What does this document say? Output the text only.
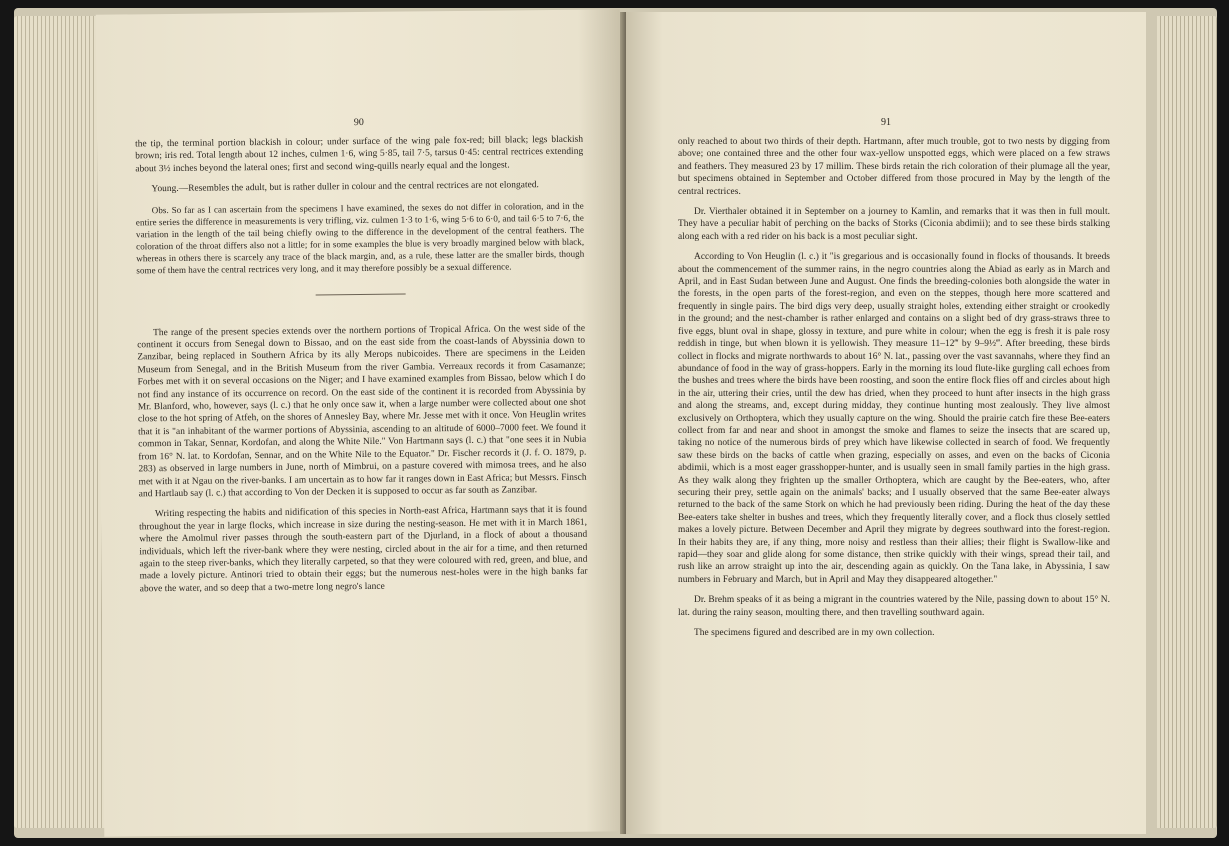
90

the tip, the terminal portion blackish in colour; under surface of the wing pale fox-red; bill black; legs blackish brown; iris red. Total length about 12 inches, culmen 1·6, wing 5·85, tail 7·5, tarsus 0·45: central rectrices extending about 3½ inches beyond the lateral ones; first and second wing-quills nearly equal and the longest.

Young.—Resembles the adult, but is rather duller in colour and the central rectrices are not elongated.

Obs. So far as I can ascertain from the specimens I have examined, the sexes do not differ in coloration, and in the entire series the difference in measurements is very trifling, viz. culmen 1·3 to 1·6, wing 5·6 to 6·0, and tail 6·5 to 7·6, the variation in the length of the tail being chiefly owing to the difference in the development of the central feathers. The coloration of the throat differs also not a little; for in some examples the blue is very broadly margined below with black, whereas in others there is scarcely any trace of the black margin, and, as a rule, these latter are the smaller birds, though some of them have the central rectrices very long, and it may therefore possibly be a sexual difference.

The range of the present species extends over the northern portions of Tropical Africa. On the west side of the continent it occurs from Senegal down to Bissao, and on the east side from the coast-lands of Abyssinia down to Zanzibar, being replaced in Southern Africa by its ally Merops nubicoides. There are specimens in the Leiden Museum from Senegal, and in the British Museum from the river Gambia. Verreaux records it from Casamanze; Forbes met with it on several occasions on the Niger; and I have examined examples from Bissao, below which I do not find any instance of its occurrence on record. On the east side of the continent it is recorded from Abyssinia by Mr. Blanford, who, however, says (l. c.) that he only once saw it, when a large number were collected about one shot close to the hot spring of Atfeh, on the shores of Annesley Bay, where Mr. Jesse met with it once. Von Heuglin writes that it is "an inhabitant of the warmer portions of Abyssinia, ascending to an altitude of 6000–7000 feet. We found it common in Takar, Sennar, Kordofan, and along the White Nile." Von Hartmann says (l. c.) that "one sees it in Nubia from 16° N. lat. to Kordofan, Sennar, and on the White Nile to the Equator." Dr. Fischer records it (J. f. O. 1879, p. 283) as observed in large numbers in June, north of Mimbrui, on a pasture covered with mimosa trees, and he also met with it at Ngau on the river-banks. I am uncertain as to how far it ranges down in East Africa; but Messrs. Finsch and Hartlaub say (l. c.) that according to Von der Decken it is supposed to occur as far south as Zanzibar.

Writing respecting the habits and nidification of this species in North-east Africa, Hartmann says that it is found throughout the year in large flocks, which increase in size during the nesting-season. He met with it in March 1861, where the Amolmul river passes through the south-eastern part of the Djurland, in a flock of about a thousand individuals, which left the river-bank where they were nesting, circled about in the air for a time, and then returned again to the steep river-banks, which they literally carpeted, so that they were coloured with red, green, and blue, and made a lovely picture. Antinori tried to obtain their eggs; but the numerous nest-holes were in the high banks far above the water, and so deep that a two-metre long negro's lance

91

only reached to about two thirds of their depth. Hartmann, after much trouble, got to two nests by digging from above; one contained three and the other four wax-yellow unspotted eggs, which were placed on a few straws and feathers. They measured 23 by 17 millim. These birds retain the rich coloration of their plumage all the year, but specimens obtained in September and October differed from those procured in May by the length of the central rectrices.

Dr. Vierthaler obtained it in September on a journey to Kamlin, and remarks that it was then in full moult. They have a peculiar habit of perching on the backs of Storks (Ciconia abdimii); and to see these birds stalking along each with a red rider on his back is a most peculiar sight.

According to Von Heuglin (l. c.) it "is gregarious and is occasionally found in flocks of thousands. It breeds about the commencement of the summer rains, in the negro countries along the Abiad as early as in March and April, and in East Sudan between June and August. One finds the breeding-colonies both alongside the water in the forests, in the open parts of the forest-region, and even on the steppes, though here more scattered and frequently in single pairs. The bird digs very deep, usually straight holes, extending either straight or crookedly in the ground; and the nest-chamber is rather enlarged and contains on a slight bed of dry grass-straws three to five eggs, blunt oval in shape, glossy in texture, and pure white in colour; when the egg is fresh it is pale rosy reddish in tinge, but when blown it is yellowish. They measure 11–12‴ by 9–9½‴. After breeding, these birds collect in flocks and migrate northwards to about 16° N. lat., passing over the vast savannahs, where they find an abundance of food in the way of grass-hoppers. Early in the morning its loud flute-like gurgling call echoes from the bushes and trees where the birds have been roosting, and soon the entire flock flies off and circles about high in the air, uttering their cries, until the dew has dried, when they proceed to hunt after insects in the high grass and along the streams, and, except during midday, they continue hunting most zealously. They live almost exclusively on Orthoptera, which they usually capture on the wing. Should the prairie catch fire these Bee-eaters collect from far and near and shoot in amongst the smoke and flames to seize the insects that are scared up, taking no notice of the numerous birds of prey which have likewise collected in search of food. We frequently saw these birds on the backs of cattle when grazing, especially on asses, and even on the backs of Ciconia abdimii, which is a most eager grasshopper-hunter, and is usually seen in small family parties in the high grass. As they walk along they frighten up the smaller Orthoptera, which are caught by the Bee-eaters, who, after securing their prey, settle again on the animals' backs; and I usually observed that the same Bee-eater always returned to the back of the same Stork on which he had previously been riding. During the heat of the day these Bee-eaters take shelter in bushes and trees, which they frequently literally cover, and a flock thus closely settled makes a lovely picture. Between December and April they migrate by degrees southward into the forest-region. In their habits they are, if any thing, more noisy and restless than their allies; their flight is Swallow-like and rapid—they soar and glide along for some distance, then strike quickly with their wings, spread their tail, and rush like an arrow straight up into the air, descending again as quickly. On the Tana lake, in Abyssinia, I saw numbers in February and March, but in April and May they disappeared altogether."

Dr. Brehm speaks of it as being a migrant in the countries watered by the Nile, passing down to about 15° N. lat. during the rainy season, moulting there, and then travelling southward again.

The specimens figured and described are in my own collection.
